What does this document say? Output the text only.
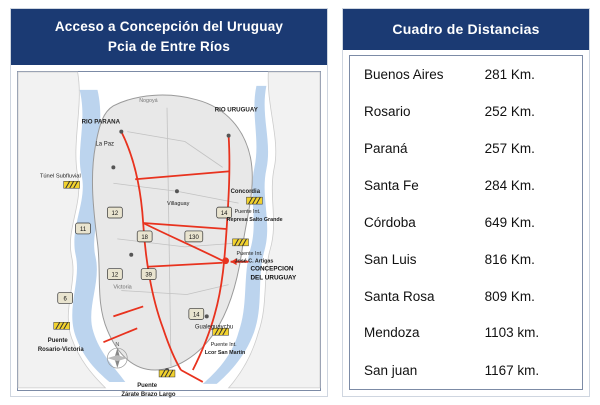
Acceso a Concepción del Uruguay
Pcia de Entre Ríos
12	14
18	130
11
39
14
12
6
RIO PARANA
RIO URUGUAY
La Paz
Nogoyá
Concordia
Villaguay
Victoria
Gualeguaychu
CONCEPCION
DEL URUGUAY
Túnel Subfluvial
Puente
Rosario-Victoria
Puente
Zárate Brazo Largo
Puente Int.
Represa Salto Grande
Puente Int.
José C. Artigas
Puente Int.
Lcor San Martín
N
Cuadro de Distancias
Buenos Aires	281 Km.
Rosario	252 Km.
Paraná	257 Km.
Santa Fe	284 Km.
Córdoba	649 Km.
San Luis	816 Km.
Santa Rosa	809 Km.
Mendoza	1103 km.
San juan	1167 km.
